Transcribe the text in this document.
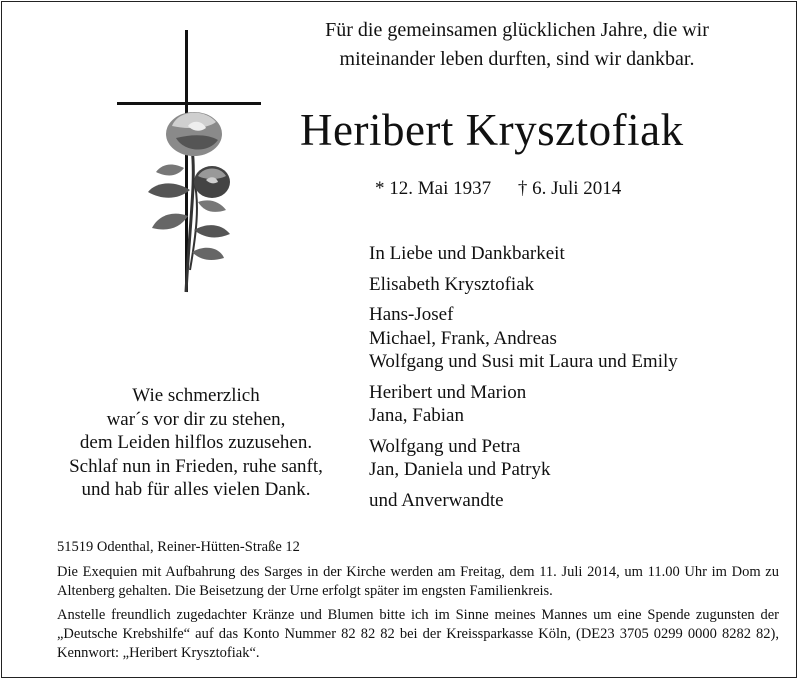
Für die gemeinsamen glücklichen Jahre, die wir
miteinander leben durften, sind wir dankbar.
Heribert Krysztofiak
* 12. Mai 1937 † 6. Juli 2014
Wie schmerzlich
war´s vor dir zu stehen,
dem Leiden hilflos zuzusehen.
Schlaf nun in Frieden, ruhe sanft,
und hab für alles vielen Dank.
In Liebe und Dankbarkeit
Elisabeth Krysztofiak
Hans-Josef
Michael, Frank, Andreas
Wolfgang und Susi mit Laura und Emily
Heribert und Marion
Jana, Fabian
Wolfgang und Petra
Jan, Daniela und Patryk
und Anverwandte
51519 Odenthal, Reiner-Hütten-Straße 12

Die Exequien mit Aufbahrung des Sarges in der Kirche werden am Freitag, dem 11. Juli 2014, um 11.00 Uhr im Dom zu Altenberg gehalten. Die Beisetzung der Urne erfolgt später im engsten Familienkreis.

Anstelle freundlich zugedachter Kränze und Blumen bitte ich im Sinne meines Mannes um eine Spende zugunsten der „Deutsche Krebshilfe“ auf das Konto Nummer 82 82 82 bei der Kreissparkasse Köln, (DE23 3705 0299 0000 8282 82), Kennwort: „Heribert Krysztofiak“.
